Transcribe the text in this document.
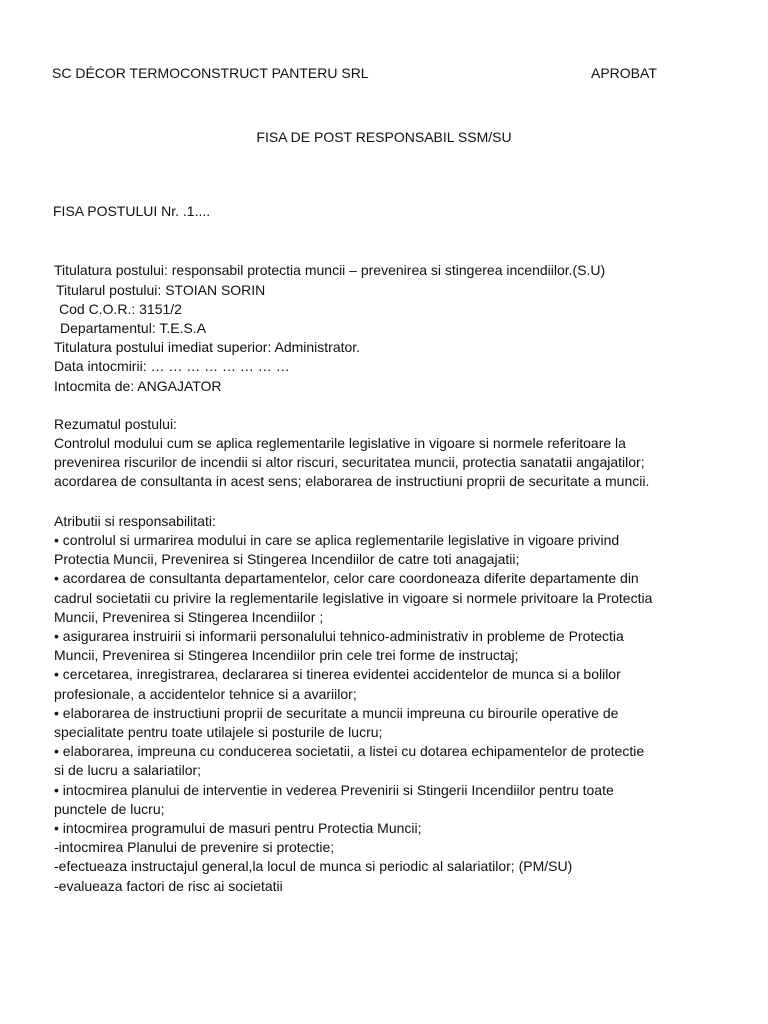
SC DÉCOR TERMOCONSTRUCT PANTERU SRL	APROBAT
FISA DE POST RESPONSABIL SSM/SU
FISA POSTULUI Nr. .1....
Titulatura postului: responsabil protectia muncii – prevenirea si stingerea incendiilor.(S.U)
Titularul postului: STOIAN SORIN
Cod C.O.R.: 3151/2
Departamentul: T.E.S.A
Titulatura postului imediat superior: Administrator.
Data intocmirii: … … … … … … … …
Intocmita de: ANGAJATOR
Rezumatul postului:

Controlul modului cum se aplica reglementarile legislative in vigoare si normele referitoare la

prevenirea riscurilor de incendii si altor riscuri, securitatea muncii, protectia sanatatii angajatilor;

acordarea de consultanta in acest sens; elaborarea de instructiuni proprii de securitate a muncii.

Atributii si responsabilitati:

• controlul si urmarirea modului in care se aplica reglementarile legislative in vigoare privind

Protectia Muncii, Prevenirea si Stingerea Incendiilor de catre toti anagajatii;

• acordarea de consultanta departamentelor, celor care coordoneaza diferite departamente din

cadrul societatii cu privire la reglementarile legislative in vigoare si normele privitoare la Protectia

Muncii, Prevenirea si Stingerea Incendiilor ;

• asigurarea instruirii si informarii personalului tehnico-administrativ in probleme de Protectia

Muncii, Prevenirea si Stingerea Incendiilor prin cele trei forme de instructaj;

• cercetarea, inregistrarea, declararea si tinerea evidentei accidentelor de munca si a bolilor

profesionale, a accidentelor tehnice si a avariilor;

• elaborarea de instructiuni proprii de securitate a muncii impreuna cu birourile operative de

specialitate pentru toate utilajele si posturile de lucru;

• elaborarea, impreuna cu conducerea societatii, a listei cu dotarea echipamentelor de protectie

si de lucru a salariatilor;

• intocmirea planului de interventie in vederea Prevenirii si Stingerii Incendiilor pentru toate

punctele de lucru;

• intocmirea programului de masuri pentru Protectia Muncii;

-intocmirea Planului de prevenire si protectie;

-efectueaza instructajul general,la locul de munca si periodic al salariatilor; (PM/SU)

-evalueaza factori de risc ai societatii
